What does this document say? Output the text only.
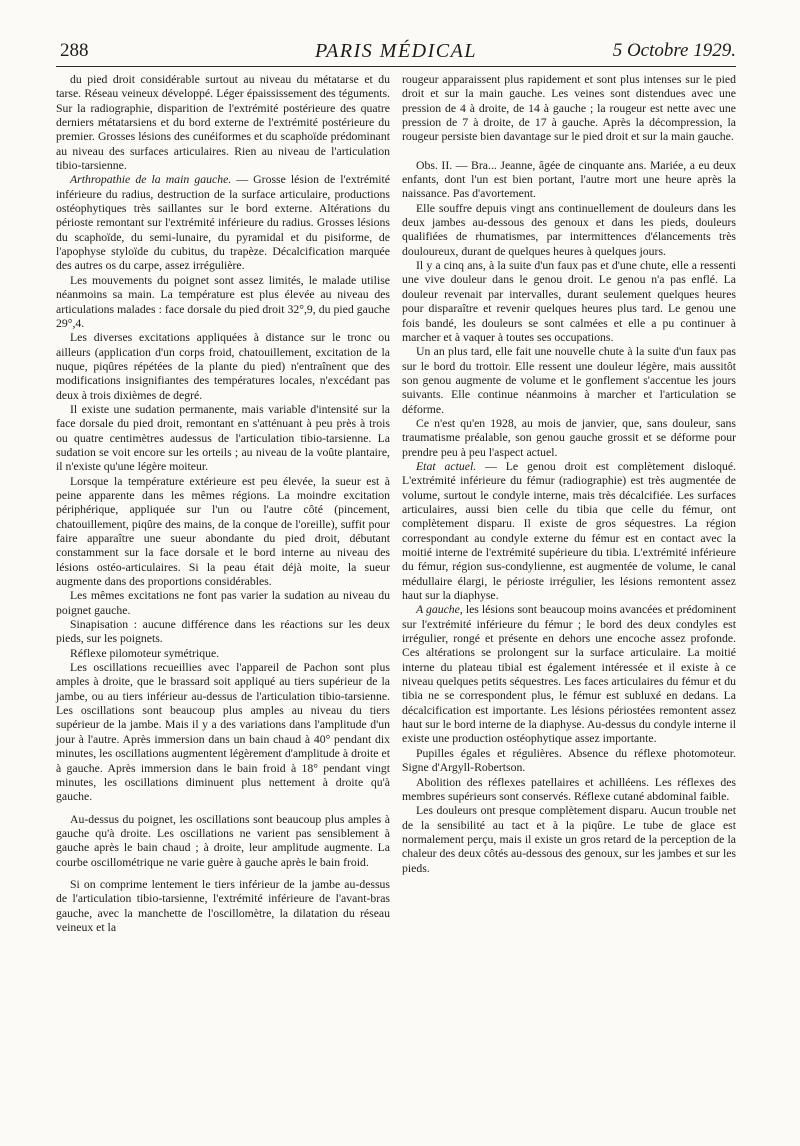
288	PARIS MÉDICAL	5 Octobre 1929.

du pied droit considérable surtout au niveau du métatarse et du tarse. Réseau veineux développé. Léger épaississement des téguments. Sur la radiographie, disparition de l'extrémité postérieure des quatre derniers métatarsiens et du bord externe de l'extrémité postérieure du premier. Grosses lésions des cunéiformes et du scaphoïde prédominant au niveau des surfaces articulaires. Rien au niveau de l'articulation tibio-tarsienne.

Arthropathie de la main gauche. — Grosse lésion de l'extrémité inférieure du radius, destruction de la surface articulaire, productions ostéophytiques très saillantes sur le bord externe. Altérations du périoste remontant sur l'extrémité inférieure du radius. Grosses lésions du scaphoïde, du semi-lunaire, du pyramidal et du pisiforme, de l'apophyse styloïde du cubitus, du trapèze. Décalcification marquée des autres os du carpe, assez irrégulière.

Les mouvements du poignet sont assez limités, le malade utilise néanmoins sa main. La température est plus élevée au niveau des articulations malades : face dorsale du pied droit 32°,9, du pied gauche 29°,4.

Les diverses excitations appliquées à distance sur le tronc ou ailleurs (application d'un corps froid, chatouillement, excitation de la nuque, piqûres répétées de la plante du pied) n'entraînent que des modifications insignifiantes des températures locales, n'excédant pas deux à trois dixièmes de degré.

Il existe une sudation permanente, mais variable d'intensité sur la face dorsale du pied droit, remontant en s'atténuant à peu près à trois ou quatre centimètres audessus de l'articulation tibio-tarsienne. La sudation se voit encore sur les orteils ; au niveau de la voûte plantaire, il n'existe qu'une légère moiteur.

Lorsque la température extérieure est peu élevée, la sueur est à peine apparente dans les mêmes régions. La moindre excitation périphérique, appliquée sur l'un ou l'autre côté (pincement, chatouillement, piqûre des mains, de la conque de l'oreille), suffit pour faire apparaître une sueur abondante du pied droit, débutant constamment sur la face dorsale et le bord interne au niveau des lésions ostéo-articulaires. Si la peau était déjà moite, la sueur augmente dans des proportions considérables.

Les mêmes excitations ne font pas varier la sudation au niveau du poignet gauche.

Sinapisation : aucune différence dans les réactions sur les deux pieds, sur les poignets.

Réflexe pilomoteur symétrique.

Les oscillations recueillies avec l'appareil de Pachon sont plus amples à droite, que le brassard soit appliqué au tiers supérieur de la jambe, ou au tiers inférieur au-dessus de l'articulation tibio-tarsienne. Les oscillations sont beaucoup plus amples au niveau du tiers supérieur de la jambe. Mais il y a des variations dans l'amplitude d'un jour à l'autre. Après immersion dans un bain chaud à 40° pendant dix minutes, les oscillations augmentent légèrement d'amplitude à droite et à gauche. Après immersion dans le bain froid à 18° pendant vingt minutes, les oscillations diminuent plus nettement à droite qu'à gauche.

Au-dessus du poignet, les oscillations sont beaucoup plus amples à gauche qu'à droite. Les oscillations ne varient pas sensiblement à gauche après le bain chaud ; à droite, leur amplitude augmente. La courbe oscillométrique ne varie guère à gauche après le bain froid.

Si on comprime lentement le tiers inférieur de la jambe au-dessus de l'articulation tibio-tarsienne, l'extrémité inférieure de l'avant-bras gauche, avec la manchette de l'oscillomètre, la dilatation du réseau veineux et la

rougeur apparaissent plus rapidement et sont plus intenses sur le pied droit et sur la main gauche. Les veines sont distendues avec une pression de 4 à droite, de 14 à gauche ; la rougeur est nette avec une pression de 7 à droite, de 17 à gauche. Après la décompression, la rougeur persiste bien davantage sur le pied droit et sur la main gauche.

Obs. II. — Bra... Jeanne, âgée de cinquante ans. Mariée, a eu deux enfants, dont l'un est bien portant, l'autre mort une heure après la naissance. Pas d'avortement.

Elle souffre depuis vingt ans continuellement de douleurs dans les deux jambes au-dessous des genoux et dans les pieds, douleurs qualifiées de rhumatismes, par intermittences d'élancements très douloureux, durant de quelques heures à quelques jours.

Il y a cinq ans, à la suite d'un faux pas et d'une chute, elle a ressenti une vive douleur dans le genou droit. Le genou n'a pas enflé. La douleur revenait par intervalles, durant seulement quelques heures pour disparaître et revenir quelques heures plus tard. Le genou une fois bandé, les douleurs se sont calmées et elle a pu continuer à marcher et à vaquer à toutes ses occupations.

Un an plus tard, elle fait une nouvelle chute à la suite d'un faux pas sur le bord du trottoir. Elle ressent une douleur légère, mais aussitôt son genou augmente de volume et le gonflement s'accentue les jours suivants. Elle continue néanmoins à marcher et l'articulation se déforme.

Ce n'est qu'en 1928, au mois de janvier, que, sans douleur, sans traumatisme préalable, son genou gauche grossit et se déforme pour prendre peu à peu l'aspect actuel.

Etat actuel. — Le genou droit est complètement disloqué. L'extrémité inférieure du fémur (radiographie) est très augmentée de volume, surtout le condyle interne, mais très décalcifiée. Les surfaces articulaires, aussi bien celle du tibia que celle du fémur, ont complètement disparu. Il existe de gros séquestres. La région correspondant au condyle externe du fémur est en contact avec la moitié interne de l'extrémité supérieure du tibia. L'extrémité inférieure du fémur, région sus-condylienne, est augmentée de volume, le canal médullaire élargi, le périoste irrégulier, les lésions remontent assez haut sur la diaphyse.

A gauche, les lésions sont beaucoup moins avancées et prédominent sur l'extrémité inférieure du fémur ; le bord des deux condyles est irrégulier, rongé et présente en dehors une encoche assez profonde. Ces altérations se prolongent sur la surface articulaire. La moitié interne du plateau tibial est également intéressée et il existe à ce niveau quelques petits séquestres. Les faces articulaires du fémur et du tibia ne se correspondent plus, le fémur est subluxé en dedans. La décalcification est importante. Les lésions périostées remontent assez haut sur le bord interne de la diaphyse. Au-dessus du condyle interne il existe une production ostéophytique assez importante.

Pupilles égales et régulières. Absence du réflexe photomoteur. Signe d'Argyll-Robertson.

Abolition des réflexes patellaires et achilléens. Les réflexes des membres supérieurs sont conservés. Réflexe cutané abdominal faible.

Les douleurs ont presque complètement disparu. Aucun trouble net de la sensibilité au tact et à la piqûre. Le tube de glace est normalement perçu, mais il existe un gros retard de la perception de la chaleur des deux côtés au-dessous des genoux, sur les jambes et sur les pieds.
